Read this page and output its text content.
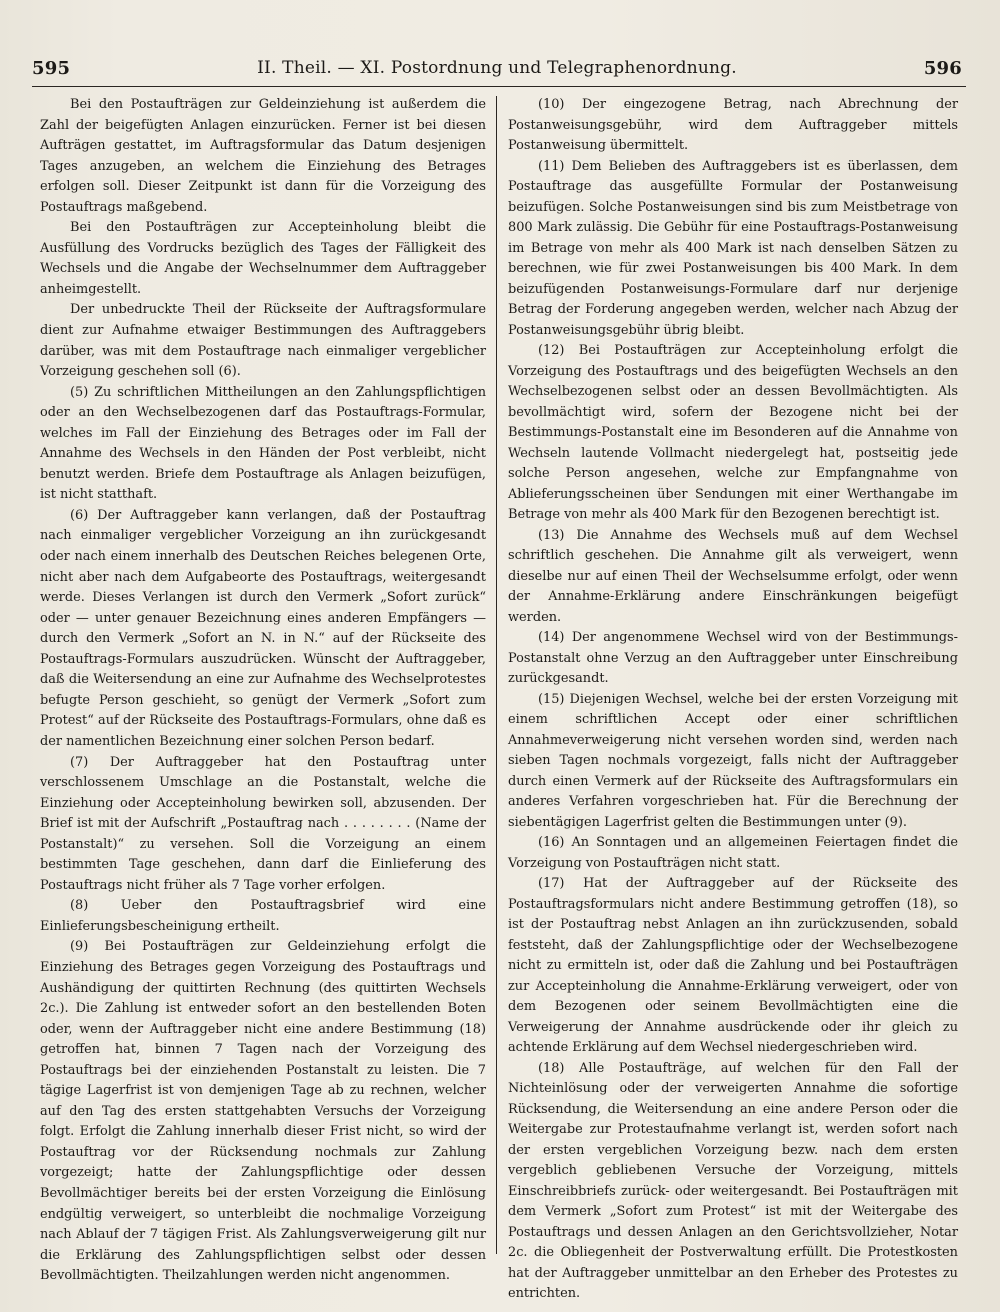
595	II. Theil. — XI. Postordnung und Telegraphenordnung.	596

Bei den Postaufträgen zur Geldeinziehung ist außerdem die Zahl der beigefügten Anlagen einzurücken. Ferner ist bei diesen Aufträgen gestattet, im Auftragsformular das Datum desjenigen Tages anzugeben, an welchem die Einziehung des Betrages erfolgen soll. Dieser Zeitpunkt ist dann für die Vorzeigung des Postauftrags maßgebend.

Bei den Postaufträgen zur Accepteinholung bleibt die Ausfüllung des Vordrucks bezüglich des Tages der Fälligkeit des Wechsels und die Angabe der Wechselnummer dem Auftraggeber anheimgestellt.

Der unbedruckte Theil der Rückseite der Auftragsformulare dient zur Aufnahme etwaiger Bestimmungen des Auftraggebers darüber, was mit dem Postauftrage nach einmaliger vergeblicher Vorzeigung geschehen soll (6).

(5) Zu schriftlichen Mittheilungen an den Zahlungspflichtigen oder an den Wechselbezogenen darf das Postauftrags-Formular, welches im Fall der Einziehung des Betrages oder im Fall der Annahme des Wechsels in den Händen der Post verbleibt, nicht benutzt werden. Briefe dem Postauftrage als Anlagen beizufügen, ist nicht statthaft.

(6) Der Auftraggeber kann verlangen, daß der Postauftrag nach einmaliger vergeblicher Vorzeigung an ihn zurückgesandt oder nach einem innerhalb des Deutschen Reiches belegenen Orte, nicht aber nach dem Aufgabeorte des Postauftrags, weitergesandt werde. Dieses Verlangen ist durch den Vermerk „Sofort zurück“ oder — unter genauer Bezeichnung eines anderen Empfängers — durch den Vermerk „Sofort an N. in N.“ auf der Rückseite des Postauftrags-Formulars auszudrücken. Wünscht der Auftraggeber, daß die Weitersendung an eine zur Aufnahme des Wechselprotestes befugte Person geschieht, so genügt der Vermerk „Sofort zum Protest“ auf der Rückseite des Postauftrags-Formulars, ohne daß es der namentlichen Bezeichnung einer solchen Person bedarf.

(7) Der Auftraggeber hat den Postauftrag unter verschlossenem Umschlage an die Postanstalt, welche die Einziehung oder Accepteinholung bewirken soll, abzusenden. Der Brief ist mit der Aufschrift „Postauftrag nach . . . . . . . . (Name der Postanstalt)“ zu versehen. Soll die Vorzeigung an einem bestimmten Tage geschehen, dann darf die Einlieferung des Postauftrags nicht früher als 7 Tage vorher erfolgen.

(8) Ueber den Postauftragsbrief wird eine Einlieferungsbescheinigung ertheilt.

(9) Bei Postaufträgen zur Geldeinziehung erfolgt die Einziehung des Betrages gegen Vorzeigung des Postauftrags und Aushändigung der quittirten Rechnung (des quittirten Wechsels 2c.). Die Zahlung ist entweder sofort an den bestellenden Boten oder, wenn der Auftraggeber nicht eine andere Bestimmung (18) getroffen hat, binnen 7 Tagen nach der Vorzeigung des Postauftrags bei der einziehenden Postanstalt zu leisten. Die 7 tägige Lagerfrist ist von demjenigen Tage ab zu rechnen, welcher auf den Tag des ersten stattgehabten Versuchs der Vorzeigung folgt. Erfolgt die Zahlung innerhalb dieser Frist nicht, so wird der Postauftrag vor der Rücksendung nochmals zur Zahlung vorgezeigt; hatte der Zahlungspflichtige oder dessen Bevollmächtiger bereits bei der ersten Vorzeigung die Einlösung endgültig verweigert, so unterbleibt die nochmalige Vorzeigung nach Ablauf der 7 tägigen Frist. Als Zahlungsverweigerung gilt nur die Erklärung des Zahlungspflichtigen selbst oder dessen Bevollmächtigten. Theilzahlungen werden nicht angenommen.

(10) Der eingezogene Betrag, nach Abrechnung der Postanweisungsgebühr, wird dem Auftraggeber mittels Postanweisung übermittelt.

(11) Dem Belieben des Auftraggebers ist es überlassen, dem Postauftrage das ausgefüllte Formular der Postanweisung beizufügen. Solche Postanweisungen sind bis zum Meistbetrage von 800 Mark zulässig. Die Gebühr für eine Postauftrags-Postanweisung im Betrage von mehr als 400 Mark ist nach denselben Sätzen zu berechnen, wie für zwei Postanweisungen bis 400 Mark. In dem beizufügenden Postanweisungs-Formulare darf nur derjenige Betrag der Forderung angegeben werden, welcher nach Abzug der Postanweisungsgebühr übrig bleibt.

(12) Bei Postaufträgen zur Accepteinholung erfolgt die Vorzeigung des Postauftrags und des beigefügten Wechsels an den Wechselbezogenen selbst oder an dessen Bevollmächtigten. Als bevollmächtigt wird, sofern der Bezogene nicht bei der Bestimmungs-Postanstalt eine im Besonderen auf die Annahme von Wechseln lautende Vollmacht niedergelegt hat, postseitig jede solche Person angesehen, welche zur Empfangnahme von Ablieferungsscheinen über Sendungen mit einer Werthangabe im Betrage von mehr als 400 Mark für den Bezogenen berechtigt ist.

(13) Die Annahme des Wechsels muß auf dem Wechsel schriftlich geschehen. Die Annahme gilt als verweigert, wenn dieselbe nur auf einen Theil der Wechselsumme erfolgt, oder wenn der Annahme-Erklärung andere Einschränkungen beigefügt werden.

(14) Der angenommene Wechsel wird von der Bestimmungs-Postanstalt ohne Verzug an den Auftraggeber unter Einschreibung zurückgesandt.

(15) Diejenigen Wechsel, welche bei der ersten Vorzeigung mit einem schriftlichen Accept oder einer schriftlichen Annahmeverweigerung nicht versehen worden sind, werden nach sieben Tagen nochmals vorgezeigt, falls nicht der Auftraggeber durch einen Vermerk auf der Rückseite des Auftragsformulars ein anderes Verfahren vorgeschrieben hat. Für die Berechnung der siebentägigen Lagerfrist gelten die Bestimmungen unter (9).

(16) An Sonntagen und an allgemeinen Feiertagen findet die Vorzeigung von Postaufträgen nicht statt.

(17) Hat der Auftraggeber auf der Rückseite des Postauftragsformulars nicht andere Bestimmung getroffen (18), so ist der Postauftrag nebst Anlagen an ihn zurückzusenden, sobald feststeht, daß der Zahlungspflichtige oder der Wechselbezogene nicht zu ermitteln ist, oder daß die Zahlung und bei Postaufträgen zur Accepteinholung die Annahme-Erklärung verweigert, oder von dem Bezogenen oder seinem Bevollmächtigten eine die Verweigerung der Annahme ausdrückende oder ihr gleich zu achtende Erklärung auf dem Wechsel niedergeschrieben wird.

(18) Alle Postaufträge, auf welchen für den Fall der Nichteinlösung oder der verweigerten Annahme die sofortige Rücksendung, die Weitersendung an eine andere Person oder die Weitergabe zur Protestaufnahme verlangt ist, werden sofort nach der ersten vergeblichen Vorzeigung bezw. nach dem ersten vergeblich gebliebenen Versuche der Vorzeigung, mittels Einschreibbriefs zurück- oder weitergesandt. Bei Postaufträgen mit dem Vermerk „Sofort zum Protest“ ist mit der Weitergabe des Postauftrags und dessen Anlagen an den Gerichtsvollzieher, Notar 2c. die Obliegenheit der Postverwaltung erfüllt. Die Protestkosten hat der Auftraggeber unmittelbar an den Erheber des Protestes zu entrichten.
